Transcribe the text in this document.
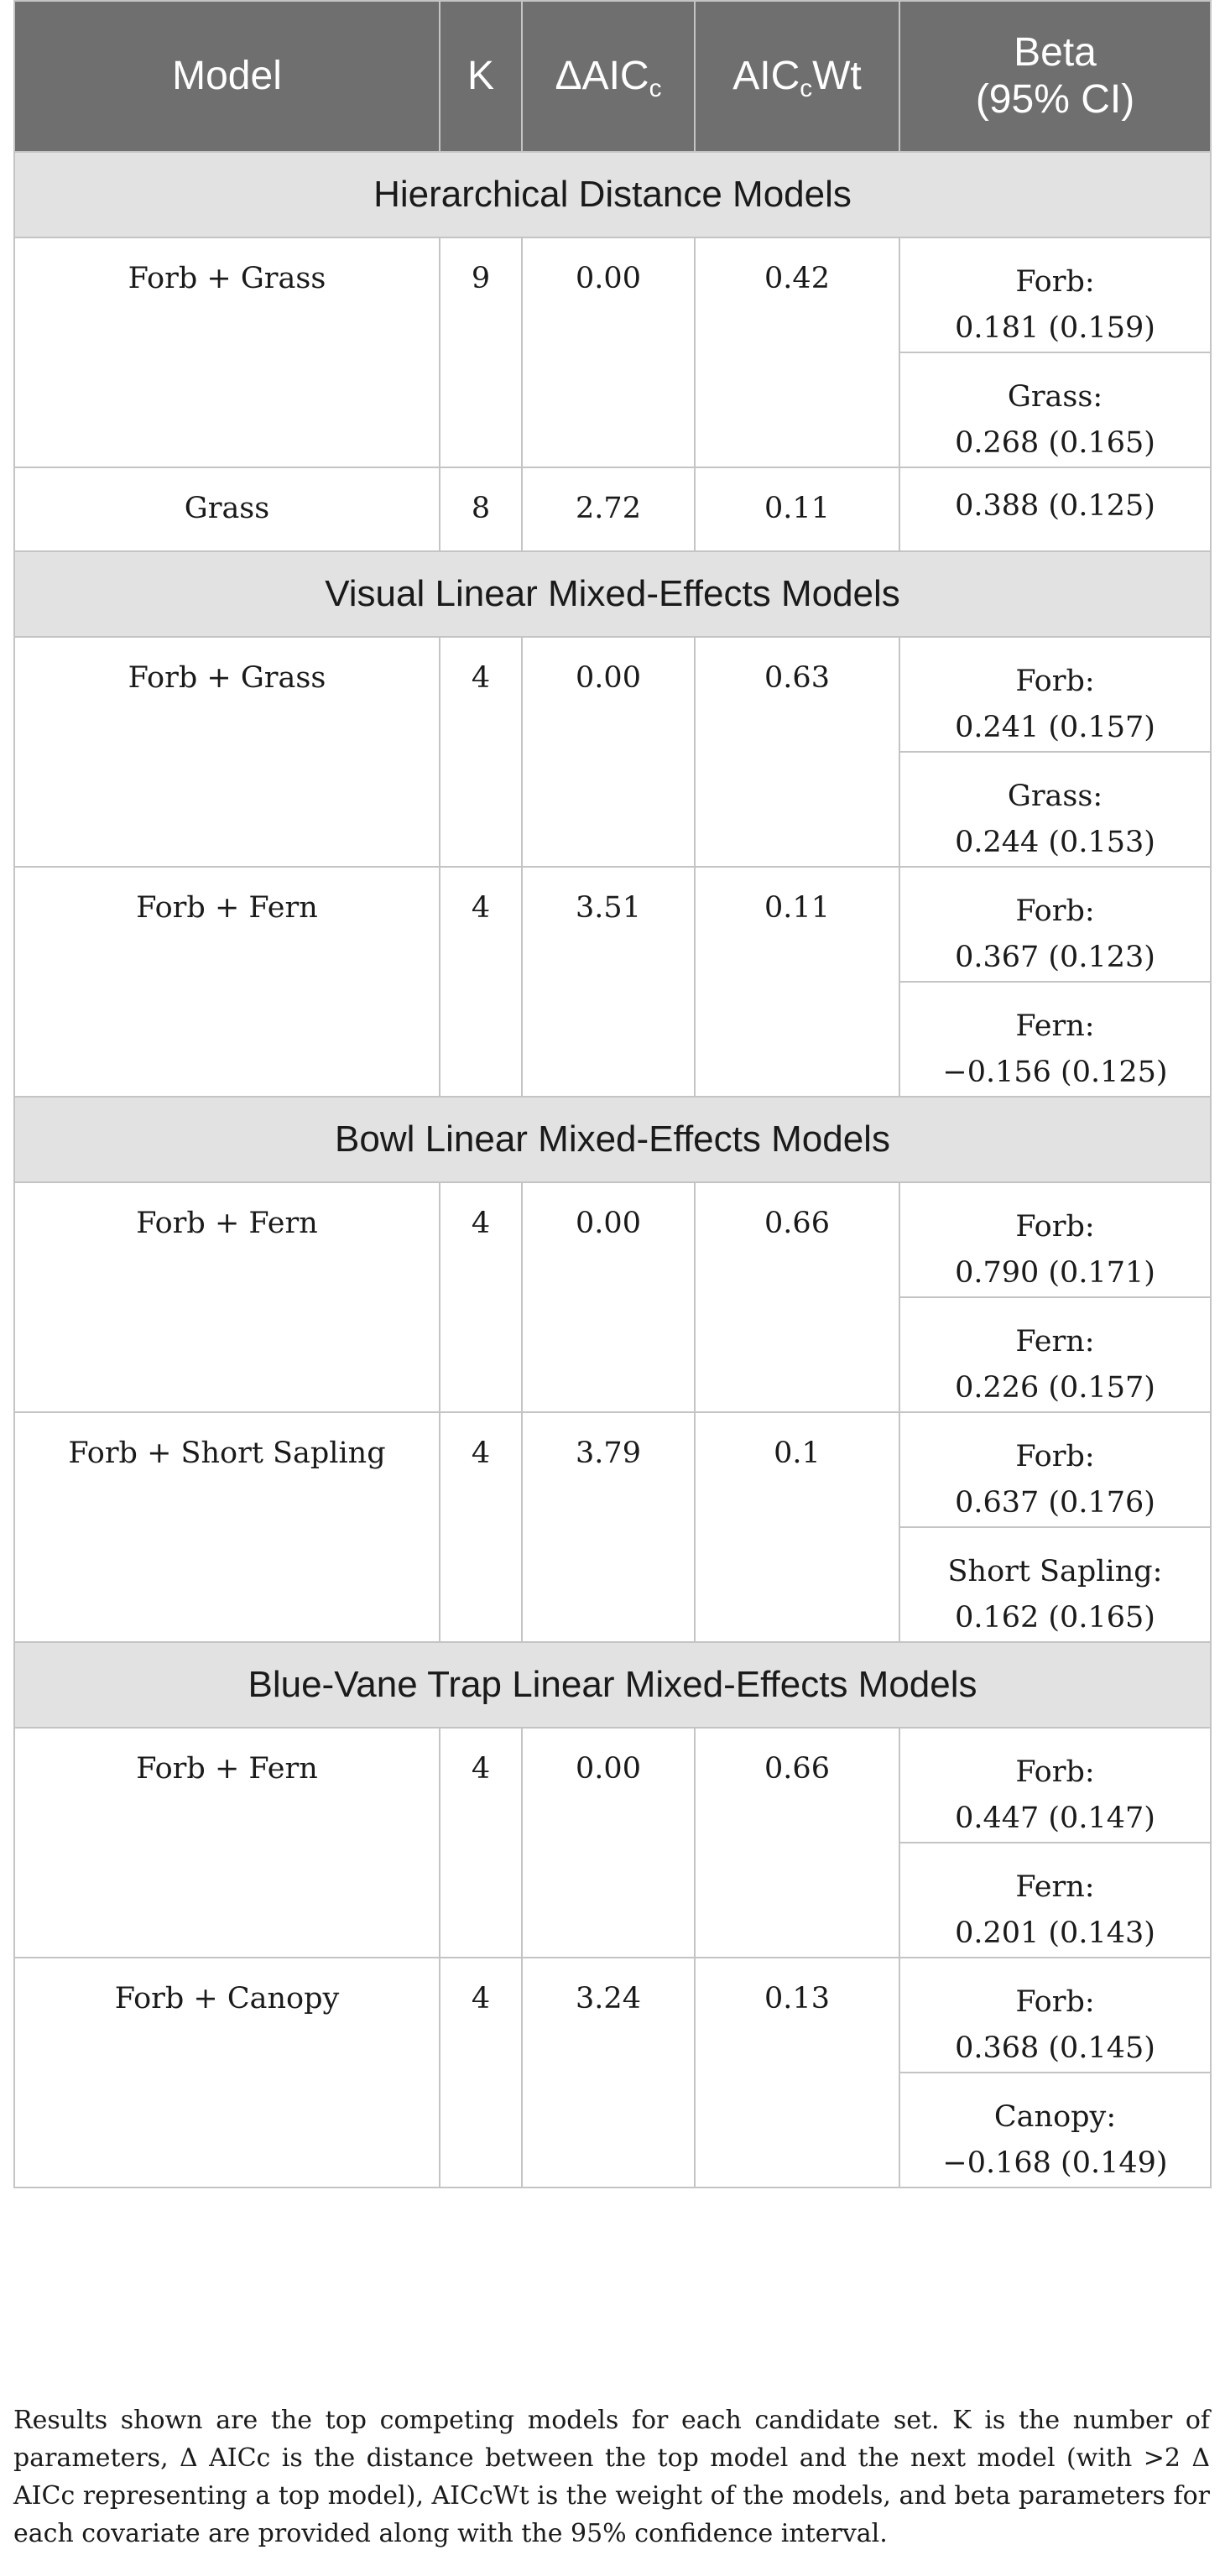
Model	K	$\Delta AIC_c$	$AIC_cWt$	Beta
(95% CI)

Hierarchical Distance Models				
Forb + Grass	9	0.00	0.42	Forb:
0.181 (0.159)

				Grass:
0.268 (0.165)

Grass	8	2.72	0.11	0.388 (0.125)

Visual Linear Mixed-Effects Models				
Forb + Grass	4	0.00	0.63	Forb:
0.241 (0.157)

				Grass:
0.244 (0.153)

Forb + Fern	4	3.51	0.11	Forb:
0.367 (0.123)

				Fern:
−0.156 (0.125)

Bowl Linear Mixed-Effects Models				
Forb + Fern	4	0.00	0.66	Forb:
0.790 (0.171)

				Fern:
0.226 (0.157)

Forb + Short Sapling	4	3.79	0.1	Forb:
0.637 (0.176)

				Short Sapling:
0.162 (0.165)

Blue-Vane Trap Linear Mixed-Effects Models				
Forb + Fern	4	0.00	0.66	Forb:
0.447 (0.147)

				Fern:
0.201 (0.143)

Forb + Canopy	4	3.24	0.13	Forb:
0.368 (0.145)

				Canopy:
−0.168 (0.149)
Results shown are the top competing models for each candidate set. K is the number of parameters, Δ AICc is the distance between the top model and the next model (with >2 Δ AICc representing a top model), AICcWt is the weight of the models, and beta parameters for each covariate are provided along with the 95% confidence interval.
